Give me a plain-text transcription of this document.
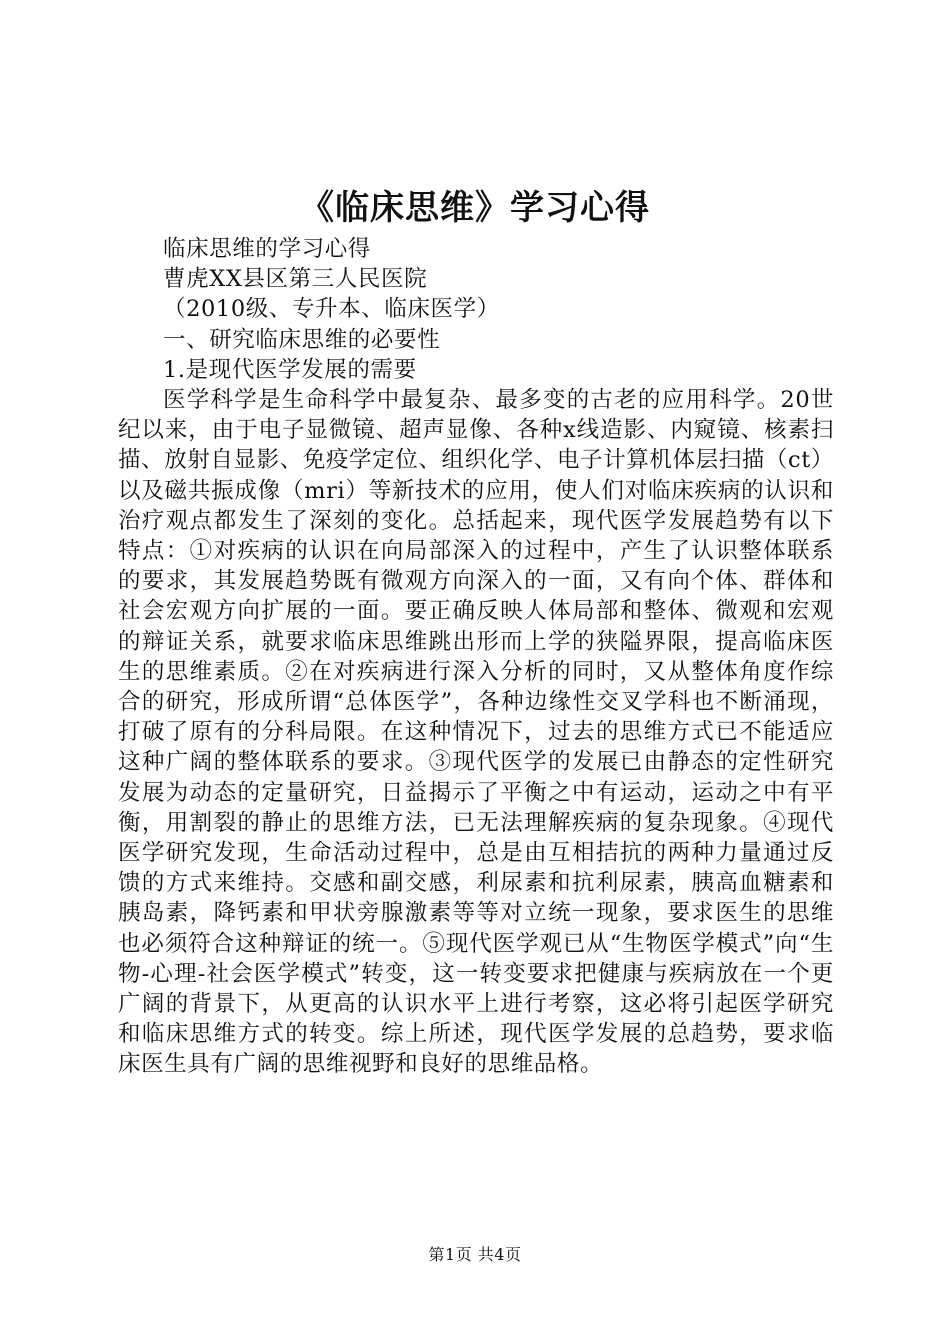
《临床思维》学习心得

临床思维的学习心得

曹虎XX县区第三人民医院

（2010级、专升本、临床医学）

一、研究临床思维的必要性

1.是现代医学发展的需要

医学科学是生命科学中最复杂、最多变的古老的应用科学。20世纪以来，由于电子显微镜、超声显像、各种x线造影、内窥镜、核素扫描、放射自显影、免疫学定位、组织化学、电子计算机体层扫描（ct）以及磁共振成像（mri）等新技术的应用，使人们对临床疾病的认识和治疗观点都发生了深刻的变化。总括起来，现代医学发展趋势有以下特点：①对疾病的认识在向局部深入的过程中，产生了认识整体联系的要求，其发展趋势既有微观方向深入的一面，又有向个体、群体和社会宏观方向扩展的一面。要正确反映人体局部和整体、微观和宏观的辩证关系，就要求临床思维跳出形而上学的狭隘界限，提高临床医生的思维素质。②在对疾病进行深入分析的同时，又从整体角度作综合的研究，形成所谓“总体医学”，各种边缘性交叉学科也不断涌现，打破了原有的分科局限。在这种情况下，过去的思维方式已不能适应这种广阔的整体联系的要求。③现代医学的发展已由静态的定性研究发展为动态的定量研究，日益揭示了平衡之中有运动，运动之中有平衡，用割裂的静止的思维方法，已无法理解疾病的复杂现象。④现代医学研究发现，生命活动过程中，总是由互相拮抗的两种力量通过反馈的方式来维持。交感和副交感，利尿素和抗利尿素，胰高血糖素和胰岛素，降钙素和甲状旁腺激素等等对立统一现象，要求医生的思维也必须符合这种辩证的统一。⑤现代医学观已从“生物医学模式”向“生物-心理-社会医学模式”转变，这一转变要求把健康与疾病放在一个更广阔的背景下，从更高的认识水平上进行考察，这必将引起医学研究和临床思维方式的转变。综上所述，现代医学发展的总趋势，要求临床医生具有广阔的思维视野和良好的思维品格。

第1页 共4页
